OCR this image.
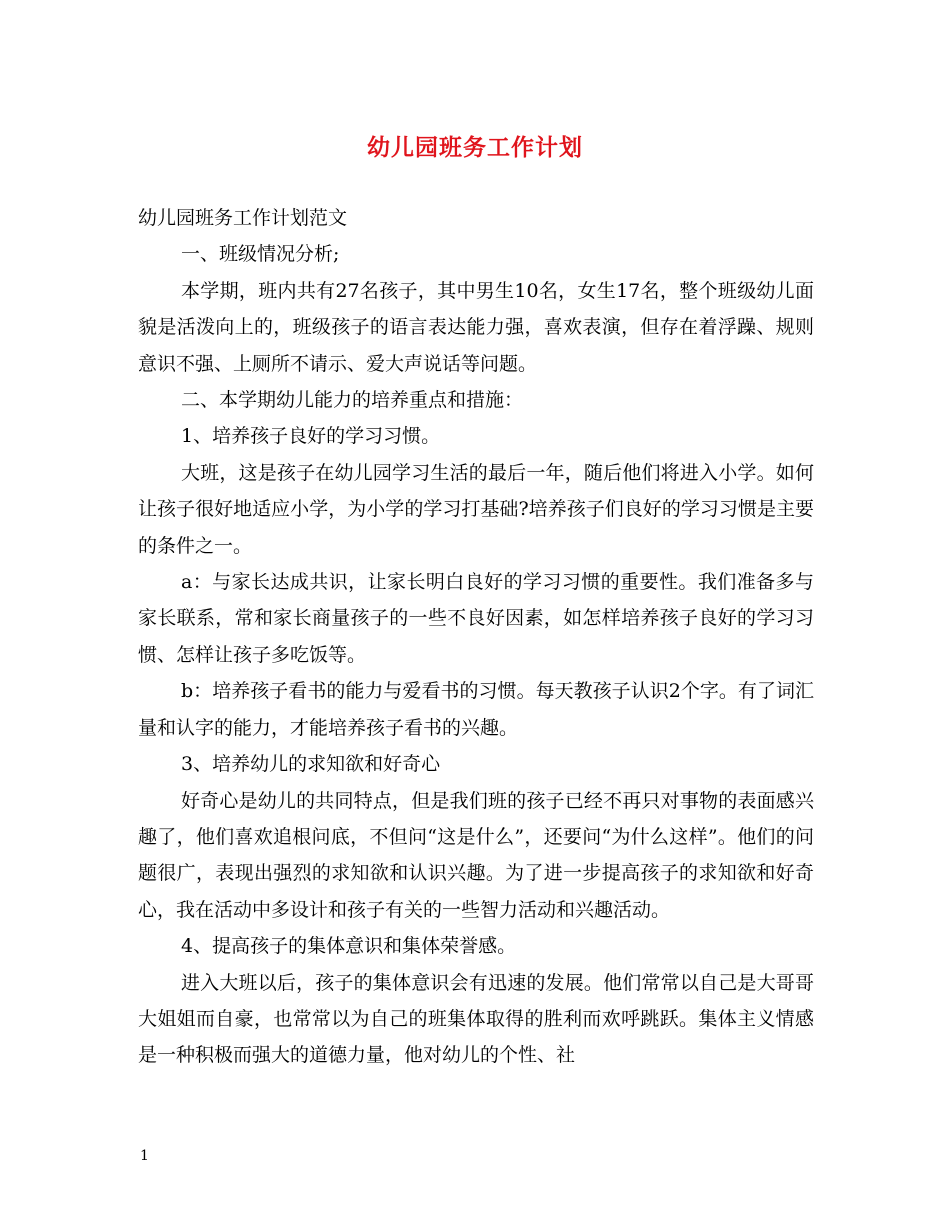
幼儿园班务工作计划

幼儿园班务工作计划范文

一、班级情况分析;

本学期，班内共有27名孩子，其中男生10名，女生17名，整个班级幼儿面貌是活泼向上的，班级孩子的语言表达能力强，喜欢表演，但存在着浮躁、规则意识不强、上厕所不请示、爱大声说话等问题。

二、本学期幼儿能力的培养重点和措施：

1、培养孩子良好的学习习惯。

大班，这是孩子在幼儿园学习生活的最后一年，随后他们将进入小学。如何让孩子很好地适应小学，为小学的学习打基础?培养孩子们良好的学习习惯是主要的条件之一。

a：与家长达成共识，让家长明白良好的学习习惯的重要性。我们准备多与家长联系，常和家长商量孩子的一些不良好因素，如怎样培养孩子良好的学习习惯、怎样让孩子多吃饭等。

b：培养孩子看书的能力与爱看书的习惯。每天教孩子认识2个字。有了词汇量和认字的能力，才能培养孩子看书的兴趣。

3、培养幼儿的求知欲和好奇心

好奇心是幼儿的共同特点，但是我们班的孩子已经不再只对事物的表面感兴趣了，他们喜欢追根问底，不但问“这是什么”，还要问“为什么这样”。他们的问题很广，表现出强烈的求知欲和认识兴趣。为了进一步提高孩子的求知欲和好奇心，我在活动中多设计和孩子有关的一些智力活动和兴趣活动。

4、提高孩子的集体意识和集体荣誉感。

进入大班以后，孩子的集体意识会有迅速的发展。他们常常以自己是大哥哥大姐姐而自豪，也常常以为自己的班集体取得的胜利而欢呼跳跃。集体主义情感是一种积极而强大的道德力量，他对幼儿的个性、社

1
